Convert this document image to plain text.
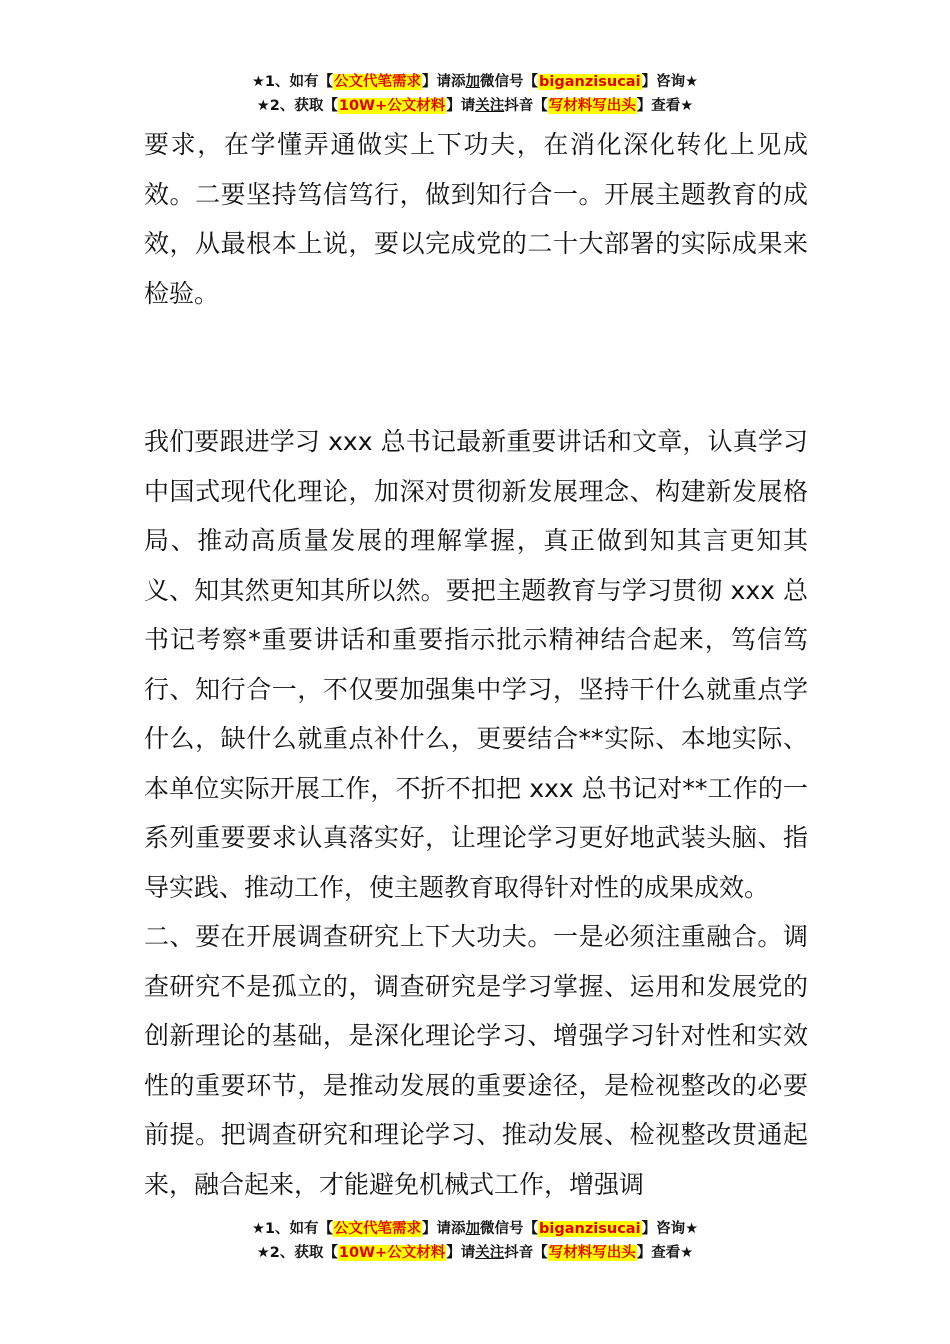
★1、如有【公文代笔需求】请添加微信号【biganzisucai】咨询★
★2、获取【10W+公文材料】请关注抖音【写材料写出头】查看★

要求，在学懂弄通做实上下功夫，在消化深化转化上见成效。二要坚持笃信笃行，做到知行合一。开展主题教育的成效，从最根本上说，要以完成党的二十大部署的实际成果来检验。

我们要跟进学习 xxx 总书记最新重要讲话和文章，认真学习中国式现代化理论，加深对贯彻新发展理念、构建新发展格局、推动高质量发展的理解掌握，真正做到知其言更知其义、知其然更知其所以然。要把主题教育与学习贯彻 xxx 总书记考察*重要讲话和重要指示批示精神结合起来，笃信笃行、知行合一，不仅要加强集中学习，坚持干什么就重点学什么，缺什么就重点补什么，更要结合**实际、本地实际、本单位实际开展工作，不折不扣把 xxx 总书记对**工作的一系列重要要求认真落实好，让理论学习更好地武装头脑、指导实践、推动工作，使主题教育取得针对性的成果成效。

二、要在开展调查研究上下大功夫。一是必须注重融合。调查研究不是孤立的，调查研究是学习掌握、运用和发展党的创新理论的基础，是深化理论学习、增强学习针对性和实效性的重要环节，是推动发展的重要途径，是检视整改的必要前提。把调查研究和理论学习、推动发展、检视整改贯通起来，融合起来，才能避免机械式工作，增强调

★1、如有【公文代笔需求】请添加微信号【biganzisucai】咨询★
★2、获取【10W+公文材料】请关注抖音【写材料写出头】查看★
